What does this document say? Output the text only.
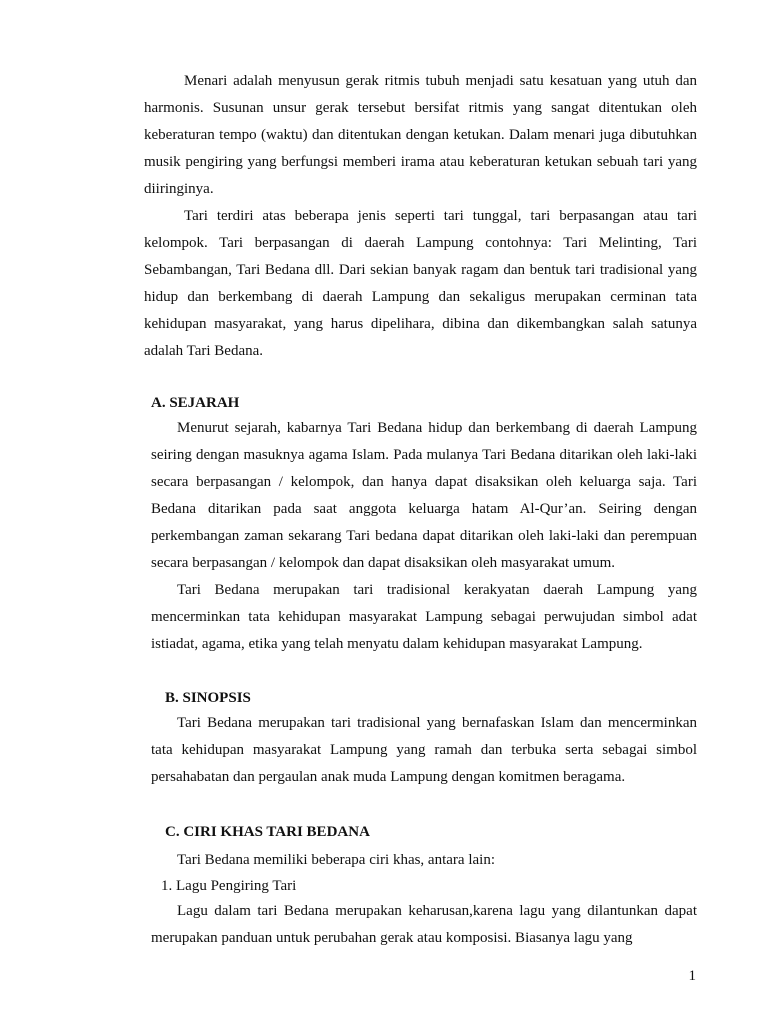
Menari adalah menyusun gerak ritmis tubuh menjadi satu kesatuan yang utuh dan harmonis. Susunan unsur gerak tersebut bersifat ritmis yang sangat ditentukan oleh keberaturan tempo (waktu) dan ditentukan dengan ketukan. Dalam menari juga dibutuhkan musik pengiring yang berfungsi memberi irama atau keberaturan ketukan sebuah tari yang diiringinya.

Tari terdiri atas beberapa jenis seperti tari tunggal, tari berpasangan atau tari kelompok. Tari berpasangan di daerah Lampung contohnya: Tari Melinting, Tari Sebambangan, Tari Bedana dll. Dari sekian banyak ragam dan bentuk tari tradisional yang hidup dan berkembang di daerah Lampung dan sekaligus merupakan cerminan tata kehidupan masyarakat, yang harus dipelihara, dibina dan dikembangkan salah satunya adalah Tari Bedana.

A. SEJARAH

Menurut sejarah, kabarnya Tari Bedana hidup dan berkembang di daerah Lampung seiring dengan masuknya agama Islam. Pada mulanya Tari Bedana ditarikan oleh laki-laki secara berpasangan / kelompok, dan hanya dapat disaksikan oleh keluarga saja. Tari Bedana ditarikan pada saat anggota keluarga hatam Al-Qur’an. Seiring dengan perkembangan zaman sekarang Tari bedana dapat ditarikan oleh laki-laki dan perempuan secara berpasangan / kelompok dan dapat disaksikan oleh masyarakat umum.

Tari Bedana merupakan tari tradisional kerakyatan daerah Lampung yang mencerminkan tata kehidupan masyarakat Lampung sebagai perwujudan simbol adat istiadat, agama, etika yang telah menyatu dalam kehidupan masyarakat Lampung.

B. SINOPSIS

Tari Bedana merupakan tari tradisional yang bernafaskan Islam dan mencerminkan tata kehidupan masyarakat Lampung yang ramah dan terbuka serta sebagai simbol persahabatan dan pergaulan anak muda Lampung dengan komitmen beragama.

C. CIRI KHAS TARI BEDANA
Tari Bedana memiliki beberapa ciri khas, antara lain:
1. Lagu Pengiring Tari

Lagu dalam tari Bedana merupakan keharusan,karena lagu yang dilantunkan dapat merupakan panduan untuk perubahan gerak atau komposisi. Biasanya lagu yang

1
